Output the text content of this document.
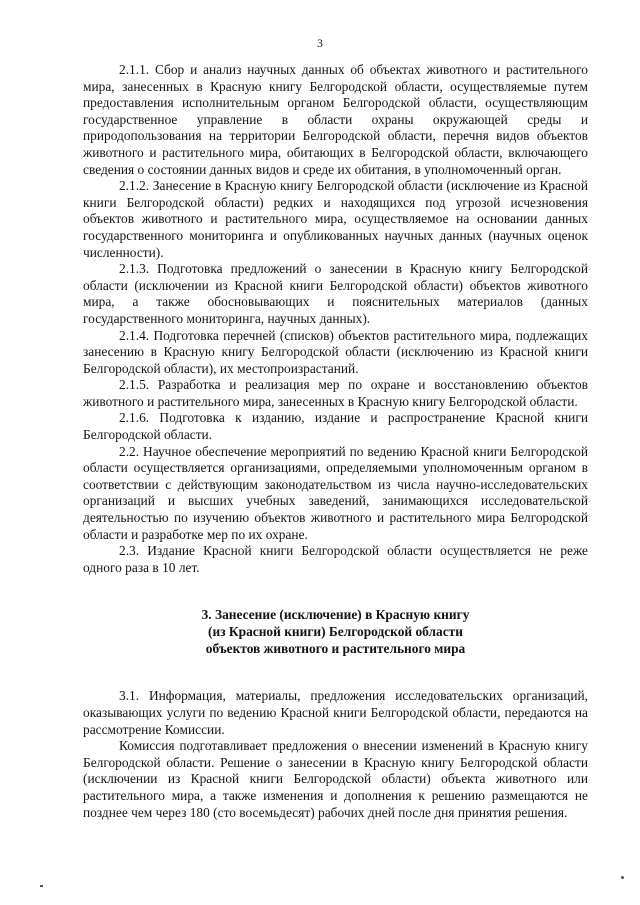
3

2.1.1. Сбор и анализ научных данных об объектах животного и растительного мира, занесенных в Красную книгу Белгородской области, осуществляемые путем предоставления исполнительным органом Белгородской области, осуществляющим государственное управление в области охраны окружающей среды и природопользования на территории Белгородской области, перечня видов объектов животного и растительного мира, обитающих в Белгородской области, включающего сведения о состоянии данных видов и среде их обитания, в уполномоченный орган.

2.1.2. Занесение в Красную книгу Белгородской области (исключение из Красной книги Белгородской области) редких и находящихся под угрозой исчезновения объектов животного и растительного мира, осуществляемое на основании данных государственного мониторинга и опубликованных научных данных (научных оценок численности).

2.1.3. Подготовка предложений о занесении в Красную книгу Белгородской области (исключении из Красной книги Белгородской области) объектов животного мира, а также обосновывающих и пояснительных материалов (данных государственного мониторинга, научных данных).

2.1.4. Подготовка перечней (списков) объектов растительного мира, подлежащих занесению в Красную книгу Белгородской области (исключению из Красной книги Белгородской области), их местопроизрастаний.

2.1.5. Разработка и реализация мер по охране и восстановлению объектов животного и растительного мира, занесенных в Красную книгу Белгородской области.

2.1.6. Подготовка к изданию, издание и распространение Красной книги Белгородской области.

2.2. Научное обеспечение мероприятий по ведению Красной книги Белгородской области осуществляется организациями, определяемыми уполномоченным органом в соответствии с действующим законодательством из числа научно-исследовательских организаций и высших учебных заведений, занимающихся исследовательской деятельностью по изучению объектов животного и растительного мира Белгородской области и разработке мер по их охране.

2.3. Издание Красной книги Белгородской области осуществляется не реже одного раза в 10 лет.

3. Занесение (исключение) в Красную книгу
(из Красной книги) Белгородской области
объектов животного и растительного мира

3.1. Информация, материалы, предложения исследовательских организаций, оказывающих услуги по ведению Красной книги Белгородской области, передаются на рассмотрение Комиссии.

Комиссия подготавливает предложения о внесении изменений в Красную книгу Белгородской области. Решение о занесении в Красную книгу Белгородской области (исключении из Красной книги Белгородской области) объекта животного или растительного мира, а также изменения и дополнения к решению размещаются не позднее чем через 180 (сто восемьдесят) рабочих дней после дня принятия решения.
